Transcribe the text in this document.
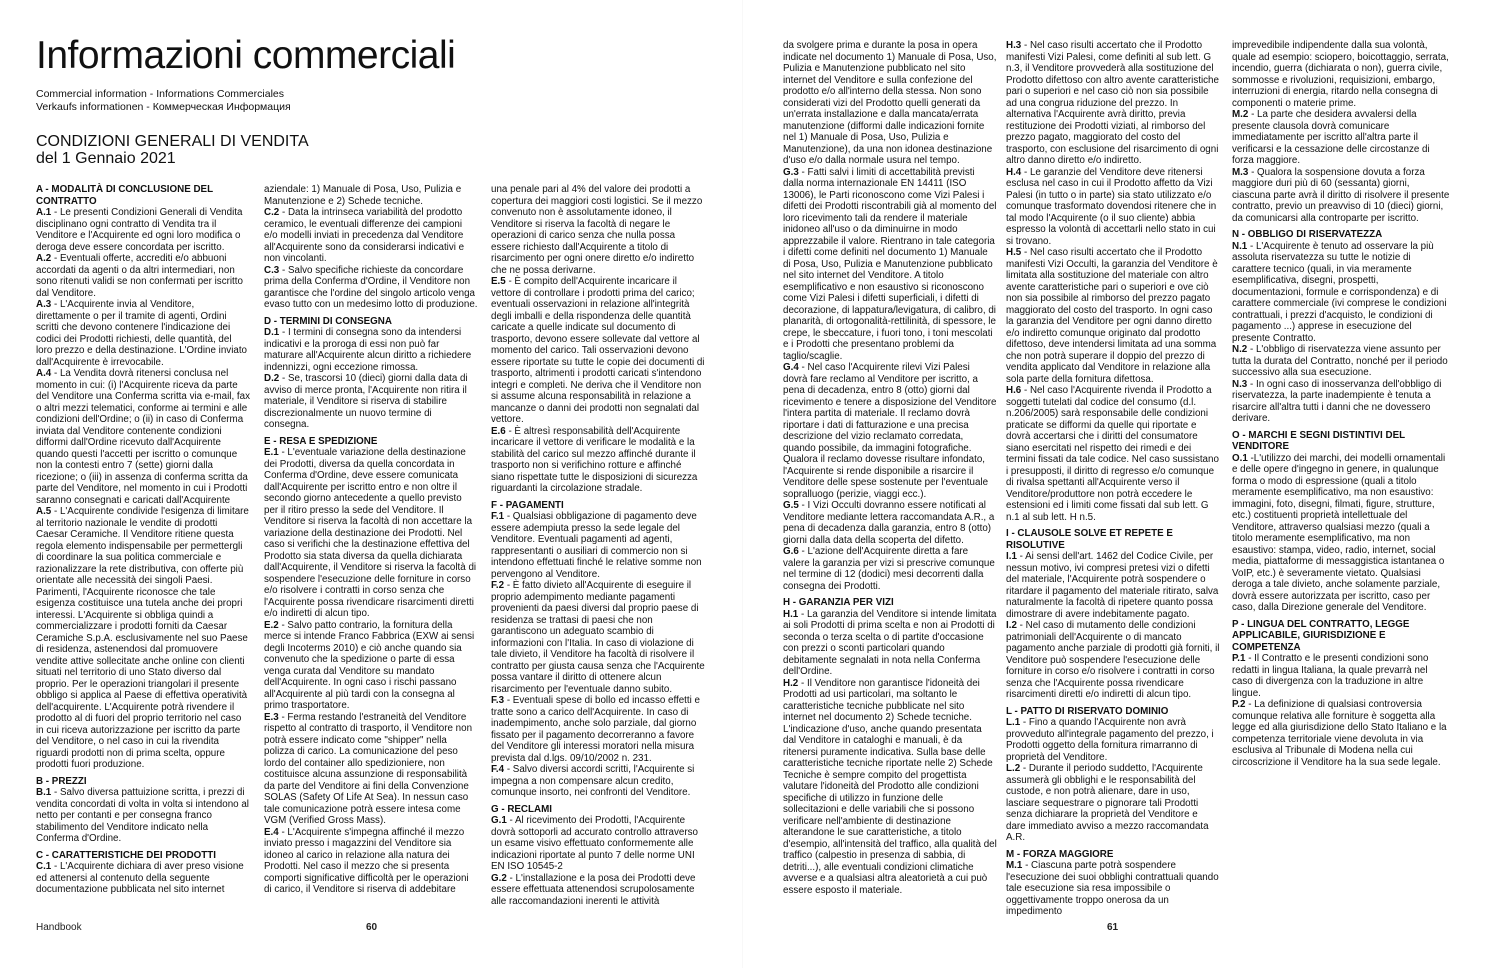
Informazioni commerciali
Commercial information - Informations Commerciales
Verkaufs informationen - Коммерческая Информация
CONDIZIONI GENERALI DI VENDITA
del 1 Gennaio 2021

A - MODALITÀ DI CONCLUSIONE DEL CONTRATTO

A.1 - Le presenti Condizioni Generali di Vendita disciplinano ogni contratto di Vendita tra il Venditore e l'Acquirente ed ogni loro modifica o deroga deve essere concordata per iscritto.

A.2 - Eventuali offerte, accrediti e/o abbuoni accordati da agenti o da altri intermediari, non sono ritenuti validi se non confermati per iscritto dal Venditore.

A.3 - L'Acquirente invia al Venditore, direttamente o per il tramite di agenti, Ordini scritti che devono contenere l'indicazione dei codici dei Prodotti richiesti, delle quantità, del loro prezzo e della destinazione. L'Ordine inviato dall'Acquirente è irrevocabile.

A.4 - La Vendita dovrà ritenersi conclusa nel momento in cui: (i) l'Acquirente riceva da parte del Venditore una Conferma scritta via e-mail, fax o altri mezzi telematici, conforme ai termini e alle condizioni dell'Ordine; o (ii) in caso di Conferma inviata dal Venditore contenente condizioni difformi dall'Ordine ricevuto dall'Acquirente quando questi l'accetti per iscritto o comunque non la contesti entro 7 (sette) giorni dalla ricezione; o (iii) in assenza di conferma scritta da parte del Venditore, nel momento in cui i Prodotti saranno consegnati e caricati dall'Acquirente

A.5 - L'Acquirente condivide l'esigenza di limitare al territorio nazionale le vendite di prodotti Caesar Ceramiche. Il Venditore ritiene questa regola elemento indispensabile per permettergli di coordinare la sua politica commerciale e razionalizzare la rete distributiva, con offerte più orientate alle necessità dei singoli Paesi. Parimenti, l'Acquirente riconosce che tale esigenza costituisce una tutela anche dei propri interessi. L'Acquirente si obbliga quindi a commercializzare i prodotti forniti da Caesar Ceramiche S.p.A. esclusivamente nel suo Paese di residenza, astenendosi dal promuovere vendite attive sollecitate anche online con clienti situati nel territorio di uno Stato diverso dal proprio. Per le operazioni triangolari il presente obbligo si applica al Paese di effettiva operatività dell'acquirente. L'Acquirente potrà rivendere il prodotto al di fuori del proprio territorio nel caso in cui riceva autorizzazione per iscritto da parte del Venditore, o nel caso in cui la rivendita riguardi prodotti non di prima scelta, oppure prodotti fuori produzione.

B - PREZZI

B.1 - Salvo diversa pattuizione scritta, i prezzi di vendita concordati di volta in volta si intendono al netto per contanti e per consegna franco stabilimento del Venditore indicato nella Conferma d'Ordine.

C - CARATTERISTICHE DEI PRODOTTI

C.1 - L'Acquirente dichiara di aver preso visione ed attenersi al contenuto della seguente documentazione pubblicata nel sito internet

aziendale: 1) Manuale di Posa, Uso, Pulizia e Manutenzione e 2) Schede tecniche.

C.2 - Data la intrinseca variabilità del prodotto ceramico, le eventuali differenze dei campioni e/o modelli inviati in precedenza dal Venditore all'Acquirente sono da considerarsi indicativi e non vincolanti.

C.3 - Salvo specifiche richieste da concordare prima della Conferma d'Ordine, il Venditore non garantisce che l'ordine del singolo articolo venga evaso tutto con un medesimo lotto di produzione.

D - TERMINI DI CONSEGNA

D.1 - I termini di consegna sono da intendersi indicativi e la proroga di essi non può far maturare all'Acquirente alcun diritto a richiedere indennizzi, ogni eccezione rimossa.

D.2 - Se, trascorsi 10 (dieci) giorni dalla data di avviso di merce pronta, l'Acquirente non ritira il materiale, il Venditore si riserva di stabilire discrezionalmente un nuovo termine di consegna.

E - RESA E SPEDIZIONE

E.1 - L'eventuale variazione della destinazione dei Prodotti, diversa da quella concordata in Conferma d'Ordine, deve essere comunicata dall'Acquirente per iscritto entro e non oltre il secondo giorno antecedente a quello previsto per il ritiro presso la sede del Venditore. Il Venditore si riserva la facoltà di non accettare la variazione della destinazione dei Prodotti. Nel caso si verifichi che la destinazione effettiva del Prodotto sia stata diversa da quella dichiarata dall'Acquirente, il Venditore si riserva la facoltà di sospendere l'esecuzione delle forniture in corso e/o risolvere i contratti in corso senza che l'Acquirente possa rivendicare risarcimenti diretti e/o indiretti di alcun tipo.

E.2 - Salvo patto contrario, la fornitura della merce si intende Franco Fabbrica (EXW ai sensi degli Incoterms 2010) e ciò anche quando sia convenuto che la spedizione o parte di essa venga curata dal Venditore su mandato dell'Acquirente. In ogni caso i rischi passano all'Acquirente al più tardi con la consegna al primo trasportatore.

E.3 - Ferma restando l'estraneità del Venditore rispetto al contratto di trasporto, il Venditore non potrà essere indicato come "shipper" nella polizza di carico. La comunicazione del peso lordo del container allo spedizioniere, non costituisce alcuna assunzione di responsabilità da parte del Venditore ai fini della Convenzione SOLAS (Safety Of Life At Sea). In nessun caso tale comunicazione potrà essere intesa come VGM (Verified Gross Mass).

E.4 - L'Acquirente s'impegna affinché il mezzo inviato presso i magazzini del Venditore sia idoneo al carico in relazione alla natura dei Prodotti. Nel caso il mezzo che si presenta comporti significative difficoltà per le operazioni di carico, il Venditore si riserva di addebitare

una penale pari al 4% del valore dei prodotti a copertura dei maggiori costi logistici. Se il mezzo convenuto non è assolutamente idoneo, il Venditore si riserva la facoltà di negare le operazioni di carico senza che nulla possa essere richiesto dall'Acquirente a titolo di risarcimento per ogni onere diretto e/o indiretto che ne possa derivarne.

E.5 - È compito dell'Acquirente incaricare il vettore di controllare i prodotti prima del carico; eventuali osservazioni in relazione all'integrità degli imballi e della rispondenza delle quantità caricate a quelle indicate sul documento di trasporto, devono essere sollevate dal vettore al momento del carico. Tali osservazioni devono essere riportate su tutte le copie dei documenti di trasporto, altrimenti i prodotti caricati s'intendono integri e completi. Ne deriva che il Venditore non si assume alcuna responsabilità in relazione a mancanze o danni dei prodotti non segnalati dal vettore.

E.6 - È altresì responsabilità dell'Acquirente incaricare il vettore di verificare le modalità e la stabilità del carico sul mezzo affinché durante il trasporto non si verifichino rotture e affinché siano rispettate tutte le disposizioni di sicurezza riguardanti la circolazione stradale.

F - PAGAMENTI

F.1 - Qualsiasi obbligazione di pagamento deve essere adempiuta presso la sede legale del Venditore. Eventuali pagamenti ad agenti, rappresentanti o ausiliari di commercio non si intendono effettuati finché le relative somme non pervengono al Venditore.

F.2 - È fatto divieto all'Acquirente di eseguire il proprio adempimento mediante pagamenti provenienti da paesi diversi dal proprio paese di residenza se trattasi di paesi che non garantiscono un adeguato scambio di informazioni con l'Italia. In caso di violazione di tale divieto, il Venditore ha facoltà di risolvere il contratto per giusta causa senza che l'Acquirente possa vantare il diritto di ottenere alcun risarcimento per l'eventuale danno subito.

F.3 - Eventuali spese di bollo ed incasso effetti e tratte sono a carico dell'Acquirente. In caso di inadempimento, anche solo parziale, dal giorno fissato per il pagamento decorreranno a favore del Venditore gli interessi moratori nella misura prevista dal d.lgs. 09/10/2002 n. 231.

F.4 - Salvo diversi accordi scritti, l'Acquirente si impegna a non compensare alcun credito, comunque insorto, nei confronti del Venditore.

G - RECLAMI

G.1 - Al ricevimento dei Prodotti, l'Acquirente dovrà sottoporli ad accurato controllo attraverso un esame visivo effettuato conformemente alle indicazioni riportate al punto 7 delle norme UNI EN ISO 10545-2

G.2 - L'installazione e la posa dei Prodotti deve essere effettuata attenendosi scrupolosamente alle raccomandazioni inerenti le attività

da svolgere prima e durante la posa in opera indicate nel documento 1) Manuale di Posa, Uso, Pulizia e Manutenzione pubblicato nel sito internet del Venditore e sulla confezione del prodotto e/o all'interno della stessa. Non sono considerati vizi del Prodotto quelli generati da un'errata installazione e dalla mancata/errata manutenzione (difformi dalle indicazioni fornite nel 1) Manuale di Posa, Uso, Pulizia e Manutenzione), da una non idonea destinazione d'uso e/o dalla normale usura nel tempo.

G.3 - Fatti salvi i limiti di accettabilità previsti dalla norma internazionale EN 14411 (ISO 13006), le Parti riconoscono come Vizi Palesi i difetti dei Prodotti riscontrabili già al momento del loro ricevimento tali da rendere il materiale inidoneo all'uso o da diminuirne in modo apprezzabile il valore. Rientrano in tale categoria i difetti come definiti nel documento 1) Manuale di Posa, Uso, Pulizia e Manutenzione pubblicato nel sito internet del Venditore. A titolo esemplificativo e non esaustivo si riconoscono come Vizi Palesi i difetti superficiali, i difetti di decorazione, di lappatura/levigatura, di calibro, di planarità, di ortogonalità-rettilinità, di spessore, le crepe, le sbeccature, i fuori tono, i toni mescolati e i Prodotti che presentano problemi da taglio/scaglie.

G.4 - Nel caso l'Acquirente rilevi Vizi Palesi dovrà fare reclamo al Venditore per iscritto, a pena di decadenza, entro 8 (otto) giorni dal ricevimento e tenere a disposizione del Venditore l'intera partita di materiale. Il reclamo dovrà riportare i dati di fatturazione e una precisa descrizione del vizio reclamato corredata, quando possibile, da immagini fotografiche. Qualora il reclamo dovesse risultare infondato, l'Acquirente si rende disponibile a risarcire il Venditore delle spese sostenute per l'eventuale sopralluogo (perizie, viaggi ecc.).

G.5 - I Vizi Occulti dovranno essere notificati al Venditore mediante lettera raccomandata A.R., a pena di decadenza dalla garanzia, entro 8 (otto) giorni dalla data della scoperta del difetto.

G.6 - L'azione dell'Acquirente diretta a fare valere la garanzia per vizi si prescrive comunque nel termine di 12 (dodici) mesi decorrenti dalla consegna dei Prodotti.

H - GARANZIA PER VIZI

H.1 - La garanzia del Venditore si intende limitata ai soli Prodotti di prima scelta e non ai Prodotti di seconda o terza scelta o di partite d'occasione con prezzi o sconti particolari quando debitamente segnalati in nota nella Conferma dell'Ordine.

H.2 - Il Venditore non garantisce l'idoneità dei Prodotti ad usi particolari, ma soltanto le caratteristiche tecniche pubblicate nel sito internet nel documento 2) Schede tecniche. L'indicazione d'uso, anche quando presentata dal Venditore in cataloghi e manuali, è da ritenersi puramente indicativa. Sulla base delle caratteristiche tecniche riportate nelle 2) Schede Tecniche è sempre compito del progettista valutare l'idoneità del Prodotto alle condizioni specifiche di utilizzo in funzione delle sollecitazioni e delle variabili che si possono verificare nell'ambiente di destinazione alterandone le sue caratteristiche, a titolo d'esempio, all'intensità del traffico, alla qualità del traffico (calpestio in presenza di sabbia, di detriti...), alle eventuali condizioni climatiche avverse e a qualsiasi altra aleatorietà a cui può essere esposto il materiale.

H.3 - Nel caso risulti accertato che il Prodotto manifesti Vizi Palesi, come definiti al sub lett. G n.3, il Venditore provvederà alla sostituzione del Prodotto difettoso con altro avente caratteristiche pari o superiori e nel caso ciò non sia possibile ad una congrua riduzione del prezzo. In alternativa l'Acquirente avrà diritto, previa restituzione dei Prodotti viziati, al rimborso del prezzo pagato, maggiorato del costo del trasporto, con esclusione del risarcimento di ogni altro danno diretto e/o indiretto.

H.4 - Le garanzie del Venditore deve ritenersi esclusa nel caso in cui il Prodotto affetto da Vizi Palesi (in tutto o in parte) sia stato utilizzato e/o comunque trasformato dovendosi ritenere che in tal modo l'Acquirente (o il suo cliente) abbia espresso la volontà di accettarli nello stato in cui si trovano.

H.5 - Nel caso risulti accertato che il Prodotto manifesti Vizi Occulti, la garanzia del Venditore è limitata alla sostituzione del materiale con altro avente caratteristiche pari o superiori e ove ciò non sia possibile al rimborso del prezzo pagato maggiorato del costo del trasporto. In ogni caso la garanzia del Venditore per ogni danno diretto e/o indiretto comunque originato dal prodotto difettoso, deve intendersi limitata ad una somma che non potrà superare il doppio del prezzo di vendita applicato dal Venditore in relazione alla sola parte della fornitura difettosa.

H.6 - Nel caso l'Acquirente rivenda il Prodotto a soggetti tutelati dal codice del consumo (d.l. n.206/2005) sarà responsabile delle condizioni praticate se difformi da quelle qui riportate e dovrà accertarsi che i diritti del consumatore siano esercitati nel rispetto dei rimedi e dei termini fissati da tale codice. Nel caso sussistano i presupposti, il diritto di regresso e/o comunque di rivalsa spettanti all'Acquirente verso il Venditore/produttore non potrà eccedere le estensioni ed i limiti come fissati dal sub lett. G n.1 al sub lett. H n.5.

I - CLAUSOLE SOLVE ET REPETE E RISOLUTIVE

I.1 - Ai sensi dell'art. 1462 del Codice Civile, per nessun motivo, ivi compresi pretesi vizi o difetti del materiale, l'Acquirente potrà sospendere o ritardare il pagamento del materiale ritirato, salva naturalmente la facoltà di ripetere quanto possa dimostrare di avere indebitamente pagato.

I.2 - Nel caso di mutamento delle condizioni patrimoniali dell'Acquirente o di mancato pagamento anche parziale di prodotti già forniti, il Venditore può sospendere l'esecuzione delle forniture in corso e/o risolvere i contratti in corso senza che l'Acquirente possa rivendicare risarcimenti diretti e/o indiretti di alcun tipo.

L - PATTO DI RISERVATO DOMINIO

L.1 - Fino a quando l'Acquirente non avrà provveduto all'integrale pagamento del prezzo, i Prodotti oggetto della fornitura rimarranno di proprietà del Venditore.

L.2 - Durante il periodo suddetto, l'Acquirente assumerà gli obblighi e le responsabilità del custode, e non potrà alienare, dare in uso, lasciare sequestrare o pignorare tali Prodotti senza dichiarare la proprietà del Venditore e dare immediato avviso a mezzo raccomandata A.R.

M - FORZA MAGGIORE

M.1 - Ciascuna parte potrà sospendere l'esecuzione dei suoi obblighi contrattuali quando tale esecuzione sia resa impossibile o oggettivamente troppo onerosa da un impedimento

imprevedibile indipendente dalla sua volontà, quale ad esempio: sciopero, boicottaggio, serrata, incendio, guerra (dichiarata o non), guerra civile, sommosse e rivoluzioni, requisizioni, embargo, interruzioni di energia, ritardo nella consegna di componenti o materie prime.

M.2 - La parte che desidera avvalersi della presente clausola dovrà comunicare immediatamente per iscritto all'altra parte il verificarsi e la cessazione delle circostanze di forza maggiore.

M.3 - Qualora la sospensione dovuta a forza maggiore duri più di 60 (sessanta) giorni, ciascuna parte avrà il diritto di risolvere il presente contratto, previo un preavviso di 10 (dieci) giorni, da comunicarsi alla controparte per iscritto.

N - OBBLIGO DI RISERVATEZZA

N.1 - L'Acquirente è tenuto ad osservare la più assoluta riservatezza su tutte le notizie di carattere tecnico (quali, in via meramente esemplificativa, disegni, prospetti, documentazioni, formule e corrispondenza) e di carattere commerciale (ivi comprese le condizioni contrattuali, i prezzi d'acquisto, le condizioni di pagamento ...) apprese in esecuzione del presente Contratto.

N.2 - L'obbligo di riservatezza viene assunto per tutta la durata del Contratto, nonché per il periodo successivo alla sua esecuzione.

N.3 - In ogni caso di inosservanza dell'obbligo di riservatezza, la parte inadempiente è tenuta a risarcire all'altra tutti i danni che ne dovessero derivare.

O - MARCHI E SEGNI DISTINTIVI DEL VENDITORE

O.1 -L'utilizzo dei marchi, dei modelli ornamentali e delle opere d'ingegno in genere, in qualunque forma o modo di espressione (quali a titolo meramente esemplificativo, ma non esaustivo: immagini, foto, disegni, filmati, figure, strutture, etc.) costituenti proprietà intellettuale del Venditore, attraverso qualsiasi mezzo (quali a titolo meramente esemplificativo, ma non esaustivo: stampa, video, radio, internet, social media, piattaforme di messaggistica istantanea o VoIP, etc.) è severamente vietato. Qualsiasi deroga a tale divieto, anche solamente parziale, dovrà essere autorizzata per iscritto, caso per caso, dalla Direzione generale del Venditore.

P - LINGUA DEL CONTRATTO, LEGGE APPLICABILE, GIURISDIZIONE E COMPETENZA

P.1 - Il Contratto e le presenti condizioni sono redatti in lingua Italiana, la quale prevarrà nel caso di divergenza con la traduzione in altre lingue.

P.2 - La definizione di qualsiasi controversia comunque relativa alle forniture è soggetta alla legge ed alla giurisdizione dello Stato Italiano e la competenza territoriale viene devoluta in via esclusiva al Tribunale di Modena nella cui circoscrizione il Venditore ha la sua sede legale.

Handbook	60	61
